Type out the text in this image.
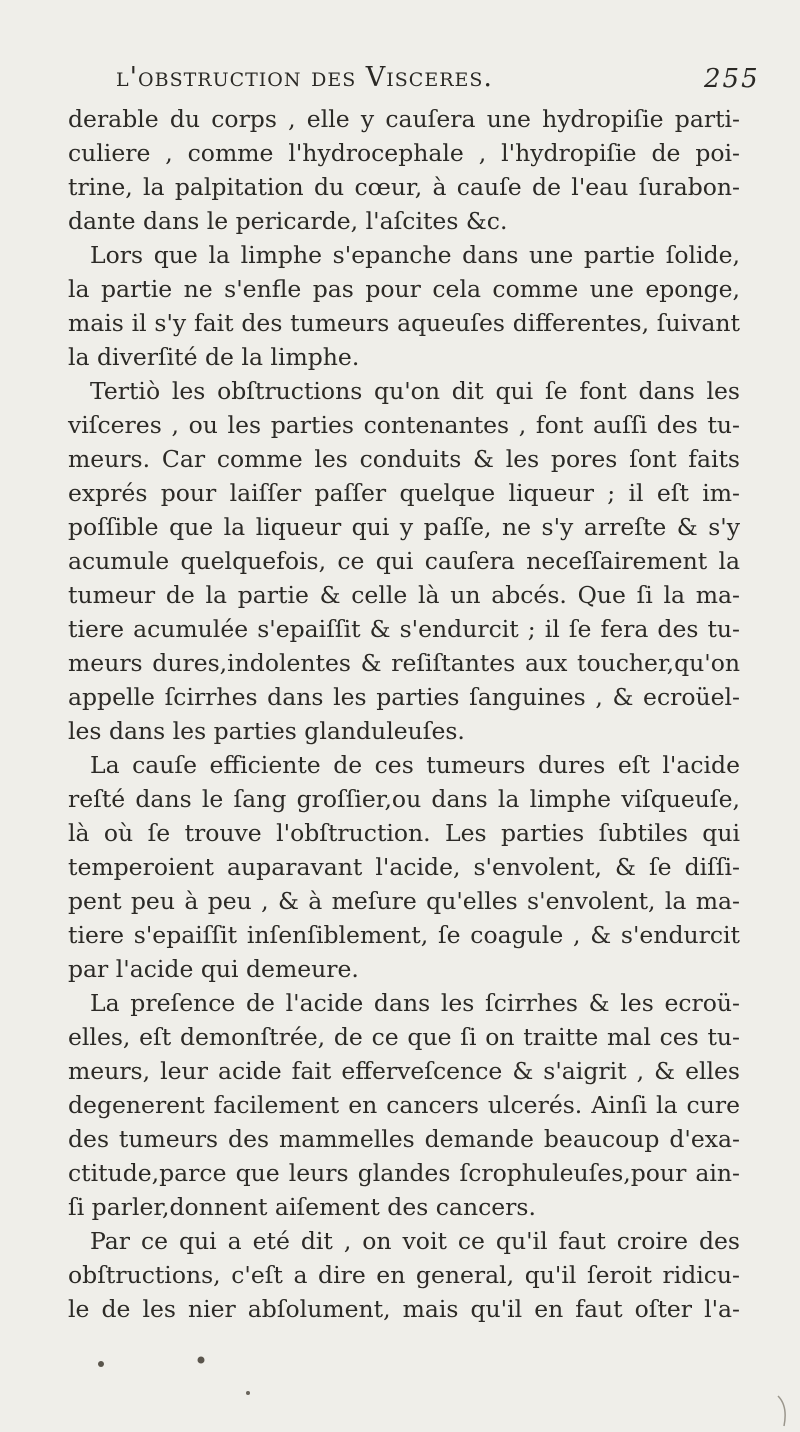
l'obstruction des Visceres.	255
derable du corps , elle y cauſera une hydropiſie parti-
culiere , comme l'hydrocephale , l'hydropiſie de poi-
trine, la palpitation du cœur, à cauſe de l'eau ſurabon-
dante dans le pericarde, l'aſcites &c.
Lors que la limphe s'epanche dans une partie ſolide,
la partie ne s'enfle pas pour cela comme une eponge,
mais il s'y fait des tumeurs aqueuſes differentes, ſuivant
la diverſité de la limphe.
Tertiò les obſtructions qu'on dit qui ſe font dans les
viſceres , ou les parties contenantes , font auſſi des tu-
meurs. Car comme les conduits & les pores ſont faits
exprés pour laiſſer paſſer quelque liqueur ; il eſt im-
poſſible que la liqueur qui y paſſe, ne s'y arreſte & s'y
acumule quelquefois, ce qui cauſera neceſſairement la
tumeur de la partie & celle là un abcés. Que ſi la ma-
tiere acumulée s'epaiſſit & s'endurcit ; il ſe fera des tu-
meurs dures,indolentes & reſiſtantes aux toucher,qu'on
appelle ſcirrhes dans les parties ſanguines , & ecroüel-
les dans les parties glanduleuſes.
La cauſe efficiente de ces tumeurs dures eſt l'acide
reſté dans le ſang groſſier,ou dans la limphe viſqueuſe,
là où ſe trouve l'obſtruction. Les parties ſubtiles qui
temperoient auparavant l'acide, s'envolent, & ſe diſſi-
pent peu à peu , & à meſure qu'elles s'envolent, la ma-
tiere s'epaiſſit inſenſiblement, ſe coagule , & s'endurcit
par l'acide qui demeure.
La preſence de l'acide dans les ſcirrhes & les ecroü-
elles, eſt demonſtrée, de ce que ſi on traitte mal ces tu-
meurs, leur acide fait effervеſcence & s'aigrit , & elles
degenerent facilement en cancers ulcerés. Ainſi la cure
des tumeurs des mammelles demande beaucoup d'exa-
ctitude,parce que leurs glandes ſcrophuleuſes,pour ain-
ſi parler,donnent aiſement des cancers.
Par ce qui a eté dit , on voit ce qu'il faut croire des
obſtructions, c'eſt a dire en general, qu'il ſeroit ridicu-
le de les nier abſolument, mais qu'il en faut oſter l'a-
